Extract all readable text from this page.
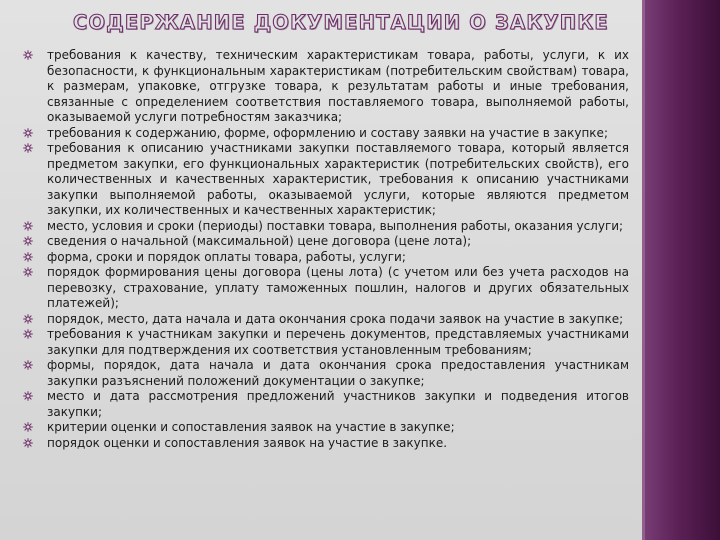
СОДЕРЖАНИЕ ДОКУМЕНТАЦИИ О ЗАКУПКЕ
требования к качеству, техническим характеристикам товара, работы, услуги, к их безопасности, к функциональным характеристикам (потребительским свойствам) товара, к размерам, упаковке, отгрузке товара, к результатам работы и иные требования, связанные с определением соответствия поставляемого товара, выполняемой работы, оказываемой услуги потребностям заказчика;
требования к содержанию, форме, оформлению и составу заявки на участие в закупке;
требования к описанию участниками закупки поставляемого товара, который является предметом закупки, его функциональных характеристик (потребительских свойств), его количественных и качественных характеристик, требования к описанию участниками закупки выполняемой работы, оказываемой услуги, которые являются предметом закупки, их количественных и качественных характеристик;
место, условия и сроки (периоды) поставки товара, выполнения работы, оказания услуги;
сведения о начальной (максимальной) цене договора (цене лота);
форма, сроки и порядок оплаты товара, работы, услуги;
порядок формирования цены договора (цены лота) (с учетом или без учета расходов на перевозку, страхование, уплату таможенных пошлин, налогов и других обязательных платежей);
порядок, место, дата начала и дата окончания срока подачи заявок на участие в закупке;
требования к участникам закупки и перечень документов, представляемых участниками закупки для подтверждения их соответствия установленным требованиям;
формы, порядок, дата начала и дата окончания срока предоставления участникам закупки разъяснений положений документации о закупке;
место и дата рассмотрения предложений участников закупки и подведения итогов закупки;
критерии оценки и сопоставления заявок на участие в закупке;
порядок оценки и сопоставления заявок на участие в закупке.
